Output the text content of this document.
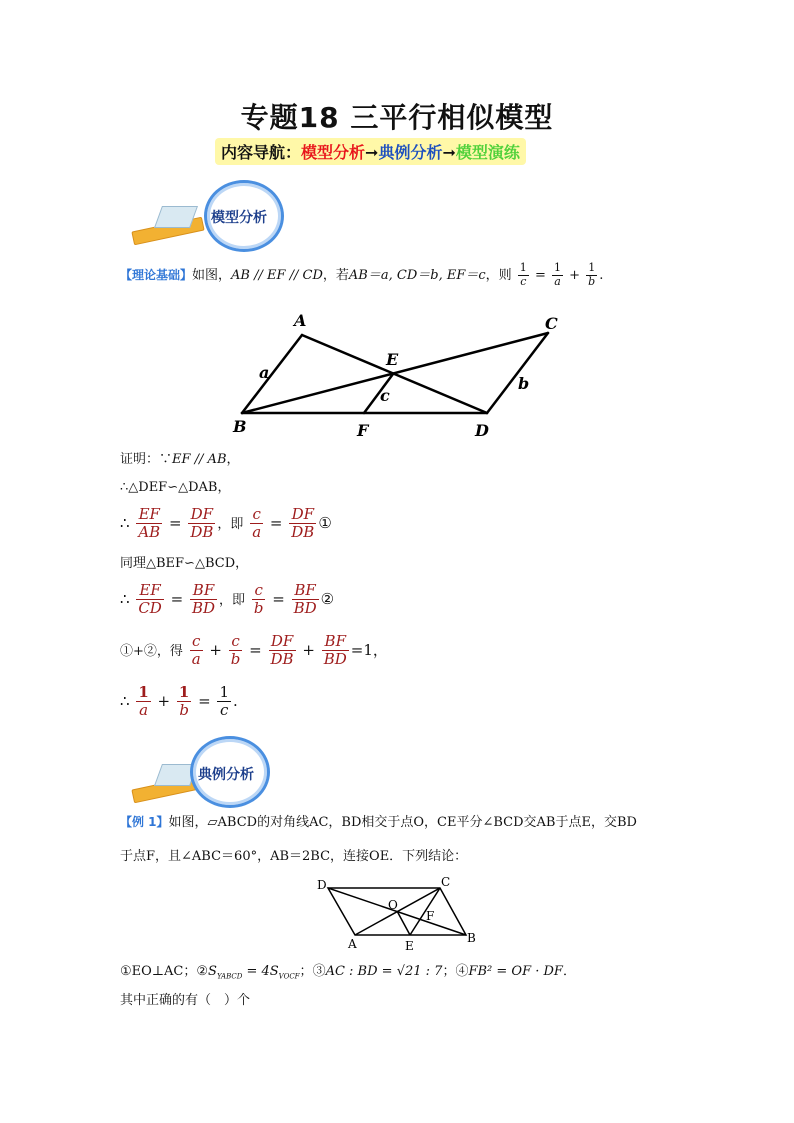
专题18 三平行相似模型
内容导航：模型分析➞典例分析➞模型演练
模型分析
【理论基础】如图，AB // EF // CD，若AB＝a, CD＝b, EF＝c，则 $\frac{1}{c} = \frac{1}{a} + \frac{1}{b}$ .
A
B
C
D
E
F
a
b
c
证明：∵EF // AB，
∴△DEF∽△DAB，
∴ $\frac{EF}{AB} = \frac{DF}{DB}$ ，即 $\frac{c}{a} = \frac{DF}{DB}$ ①
同理△BEF∽△BCD，
∴ $\frac{EF}{CD} = \frac{BF}{BD}$ ，即 $\frac{c}{b} = \frac{BF}{BD}$ ②
①+②，得 $\frac{c}{a} + \frac{c}{b} = \frac{DF}{DB} + \frac{BF}{BD} =1$，
∴ $\frac{1}{a} + \frac{1}{b} = \frac{1}{c}$ .
典例分析
【例 1】如图，▱ABCD的对角线AC，BD相交于点O，CE平分∠BCD交AB于点E，交BD
于点F，且∠ABC＝60°，AB＝2BC，连接OE．下列结论：
D	C
O
F
A	E
B
①EO⊥AC；$②S_{YABCD} = 4S_{VOCF}$；③AC : BD = √21 : 7；④FB² = OF · DF．
其中正确的有（　）个
